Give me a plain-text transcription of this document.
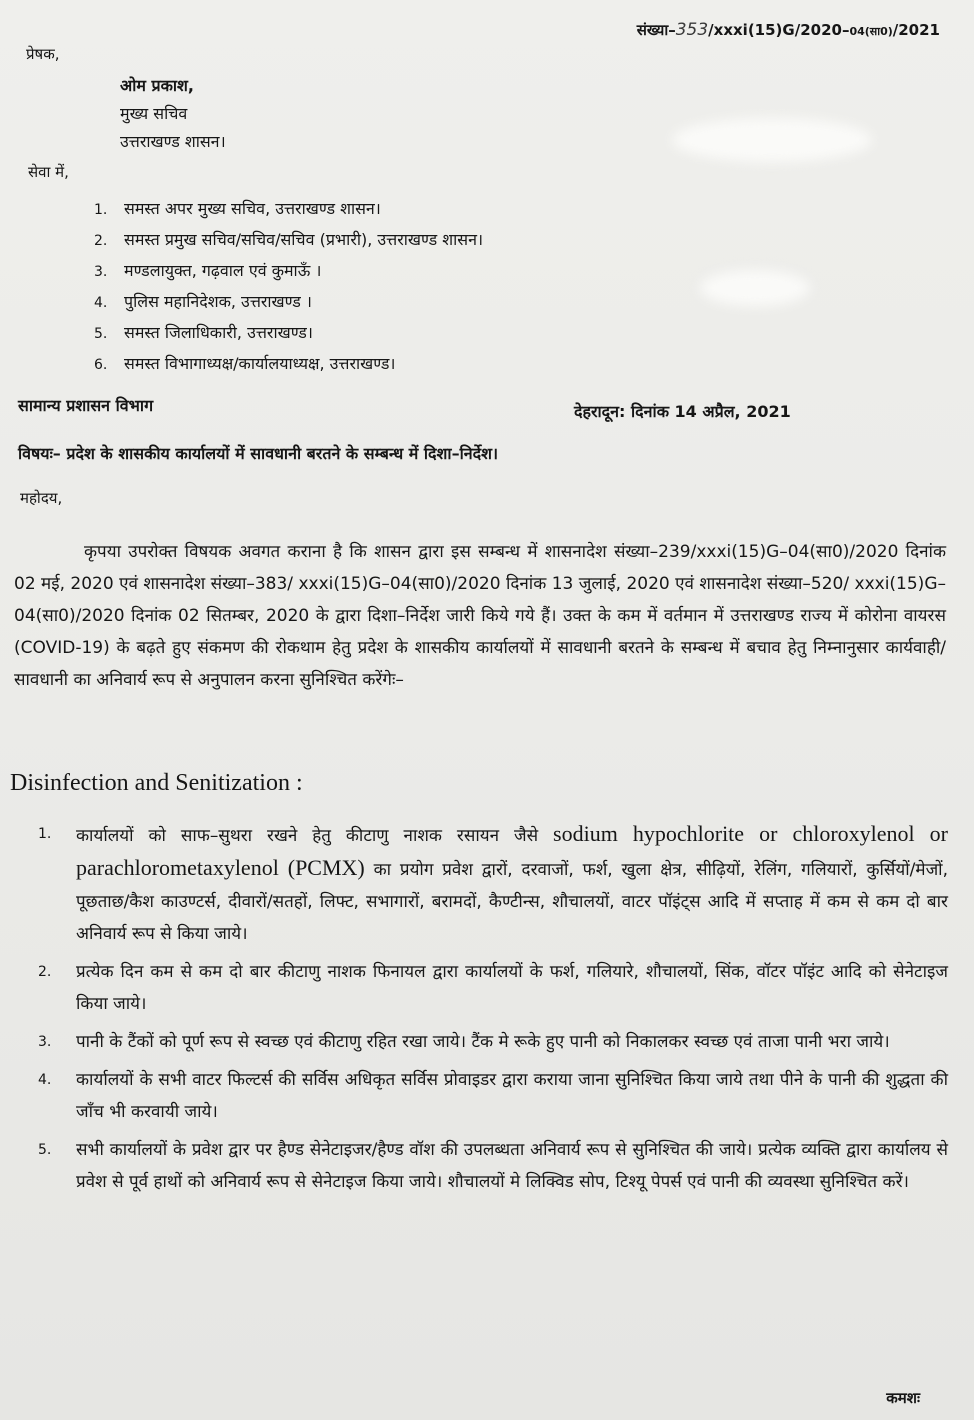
संख्या–353/xxxi(15)G/2020–04(सा0)/2021
प्रेषक,
ओम प्रकाश,
मुख्य सचिव
उत्तराखण्ड शासन।
सेवा में,
1. समस्त अपर मुख्य सचिव, उत्तराखण्ड शासन।
2. समस्त प्रमुख सचिव/सचिव/सचिव (प्रभारी), उत्तराखण्ड शासन।
3. मण्डलायुक्त, गढ़वाल एवं कुमाऊँ ।
4. पुलिस महानिदेशक, उत्तराखण्ड ।
5. समस्त जिलाधिकारी, उत्तराखण्ड।
6. समस्त विभागाध्यक्ष/कार्यालयाध्यक्ष, उत्तराखण्ड।
सामान्य प्रशासन विभाग	देहरादून: दिनांक 14 अप्रैल, 2021
विषयः– प्रदेश के शासकीय कार्यालयों में सावधानी बरतने के सम्बन्ध में दिशा–निर्देश।
महोदय,
कृपया उपरोक्त विषयक अवगत कराना है कि शासन द्वारा इस सम्बन्ध में शासनादेश संख्या–239/xxxi(15)G–04(सा0)/2020 दिनांक 02 मई, 2020 एवं शासनादेश संख्या–383/ xxxi(15)G–04(सा0)/2020 दिनांक 13 जुलाई, 2020 एवं शासनादेश संख्या–520/ xxxi(15)G–04(सा0)/2020 दिनांक 02 सितम्बर, 2020 के द्वारा दिशा–निर्देश जारी किये गये हैं। उक्त के कम में वर्तमान में उत्तराखण्ड राज्य में कोरोना वायरस (COVID-19) के बढ़ते हुए संकमण की रोकथाम हेतु प्रदेश के शासकीय कार्यालयों में सावधानी बरतने के सम्बन्ध में बचाव हेतु निम्नानुसार कार्यवाही/सावधानी का अनिवार्य रूप से अनुपालन करना सुनिश्चित करेंगेः–
Disinfection and Senitization :
1.	कार्यालयों को साफ–सुथरा रखने हेतु कीटाणु नाशक रसायन जैसे sodium hypochlorite or chloroxylenol or parachlorometaxylenol (PCMX) का प्रयोग प्रवेश द्वारों, दरवाजों, फर्श, खुला क्षेत्र, सीढ़ियों, रेलिंग, गलियारों, कुर्सियों/मेजों, पूछताछ/कैश काउण्टर्स, दीवारों/सतहों, लिफ्ट, सभागारों, बरामदों, कैण्टीन्स, शौचालयों, वाटर पॉइंट्स आदि में सप्ताह में कम से कम दो बार अनिवार्य रूप से किया जाये।
2.	प्रत्येक दिन कम से कम दो बार कीटाणु नाशक फिनायल द्वारा कार्यालयों के फर्श, गलियारे, शौचालयों, सिंक, वॉटर पॉइंट आदि को सेनेटाइज किया जाये।
3.	पानी के टैंकों को पूर्ण रूप से स्वच्छ एवं कीटाणु रहित रखा जाये। टैंक मे रूके हुए पानी को निकालकर स्वच्छ एवं ताजा पानी भरा जाये।
4.	कार्यालयों के सभी वाटर फिल्टर्स की सर्विस अधिकृत सर्विस प्रोवाइडर द्वारा कराया जाना सुनिश्चित किया जाये तथा पीने के पानी की शुद्धता की जाँच भी करवायी जाये।
5.	सभी कार्यालयों के प्रवेश द्वार पर हैण्ड सेनेटाइजर/हैण्ड वॉश की उपलब्धता अनिवार्य रूप से सुनिश्चित की जाये। प्रत्येक व्यक्ति द्वारा कार्यालय से प्रवेश से पूर्व हाथों को अनिवार्य रूप से सेनेटाइज किया जाये। शौचालयों मे लिक्विड सोप, टिश्यू पेपर्स एवं पानी की व्यवस्था सुनिश्चित करें।
कमशः
